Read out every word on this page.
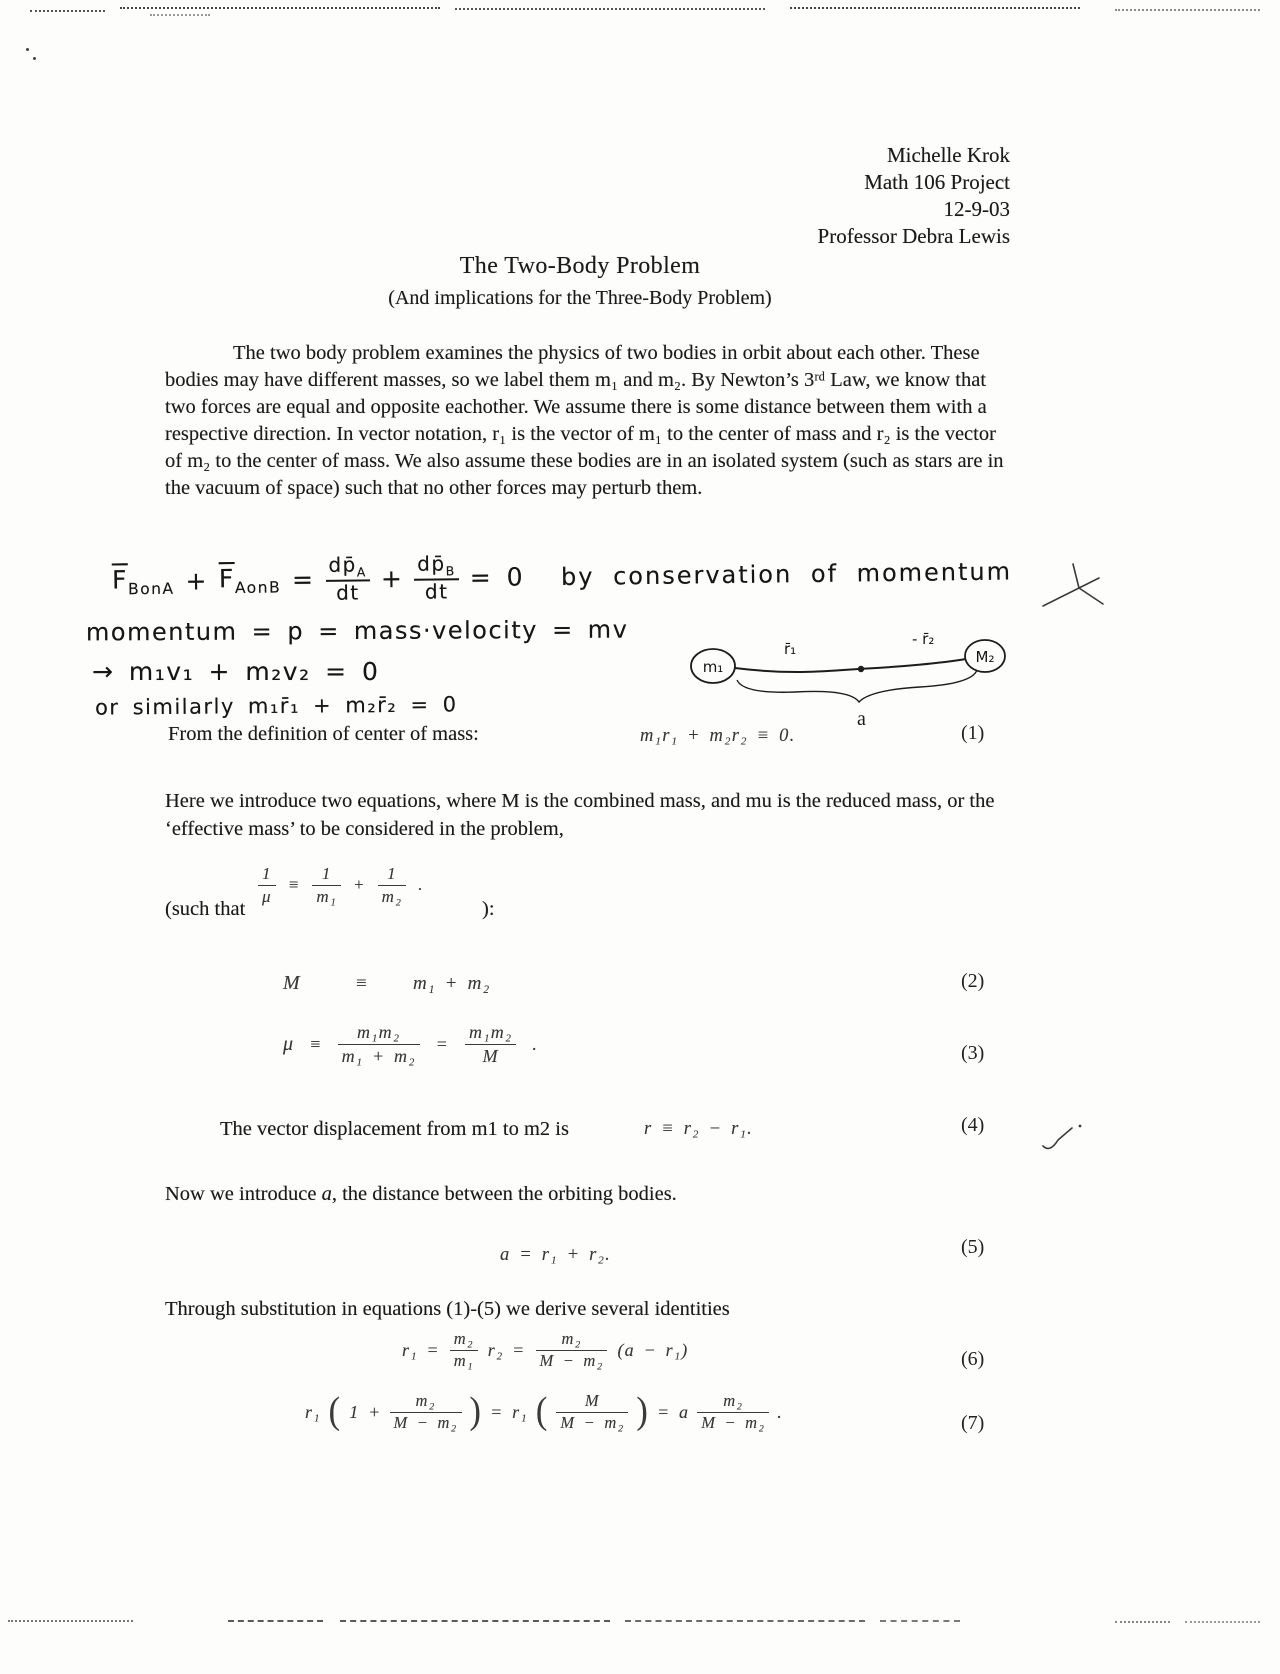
Michelle Krok
Math 106 Project
12-9-03
Professor Debra Lewis
The Two-Body Problem
(And implications for the Three-Body Problem)
The two body problem examines the physics of two bodies in orbit about each other. These bodies may have different masses, so we label them m₁ and m₂. By Newton’s 3ʳᵈ Law, we know that two forces are equal and opposite eachother. We assume there is some distance between them with a respective direction. In vector notation, r₁ is the vector of m₁ to the center of mass and r₂ is the vector of m₂ to the center of mass. We also assume these bodies are in an isolated system (such as stars are in the vacuum of space) such that no other forces may perturb them.
$\overline{F}_{BonA} + \overline{F}_{AonB} = \frac{dp̄_A}{dt} + \frac{dp̄_B}{dt} = 0$ by conservation of momentum
momentum = p = mass·velocity = mv
→ m₁v₁ + m₂v₂ = 0
or similarly m₁r̄₁ + m₂r̄₂ = 0
m₁
r̄₁
- r̄₂
M₂
a
From the definition of center of mass:	m₁r₁ + m₂r₂ ≡ 0.	(1)
Here we introduce two equations, where M is the combined mass, and mu is the reduced mass, or the ‘effective mass’ to be considered in the problem,
(such that
$\frac{1}{\mu} \equiv \frac{1}{\text{m₁}} + \frac{1}{\text{m₂}}$ .
):
M	≡ m₁ + m₂	(2)
$\mu \equiv \frac{\text{m₁m₂}}{\text{m₁ + m₂}} = \frac{\text{m₁m₂}}{M}$ .	(3)
The vector displacement from m1 to m2 is	r ≡ r₂ − r₁.	(4)
Now we introduce a, the distance between the orbiting bodies.
a = r₁ + r₂.	(5)
Through substitution in equations (1)-(5) we derive several identities
$r_1 = \frac{\text{m₂}}{\text{m₁}} r_2 = \frac{\text{m₂}}{\text{M − m₂}} (a - r_1)$	(6)
r₁ ( $1 + \frac{\text{m₂}}{\text{M − m₂}}$ ) = r₁ ( $\frac{M}{\text{M − m₂}}$ ) = a $\frac{\text{m₂}}{\text{M − m₂}}$ .
(7)
